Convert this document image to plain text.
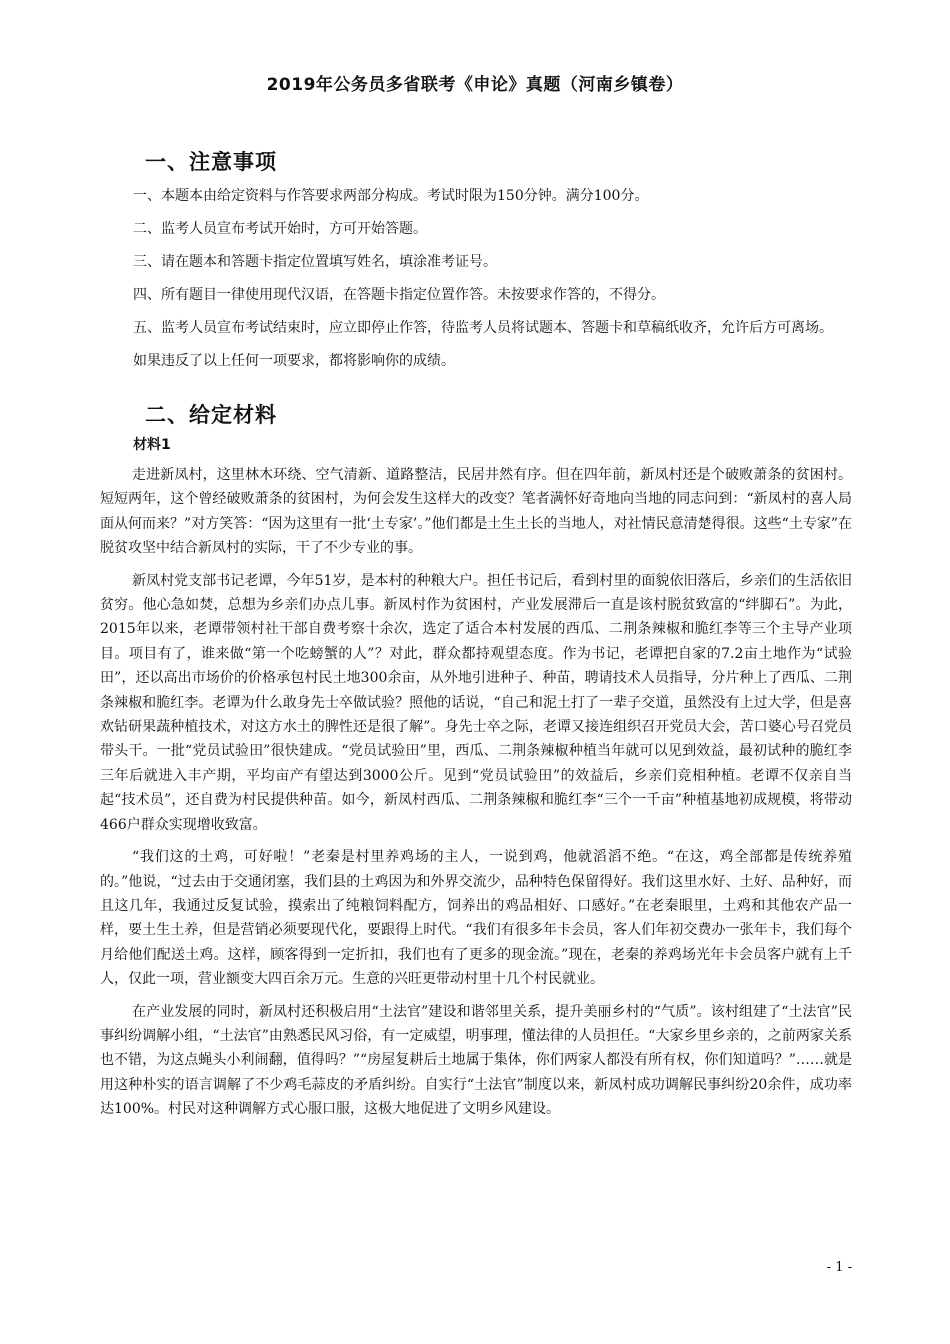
2019年公务员多省联考《申论》真题（河南乡镇卷）
一、注意事项

一、本题本由给定资料与作答要求两部分构成。考试时限为150分钟。满分100分。

二、监考人员宣布考试开始时，方可开始答题。

三、请在题本和答题卡指定位置填写姓名，填涂准考证号。

四、所有题目一律使用现代汉语，在答题卡指定位置作答。未按要求作答的，不得分。

五、监考人员宣布考试结束时，应立即停止作答，待监考人员将试题本、答题卡和草稿纸收齐，允许后方可离场。

如果违反了以上任何一项要求，都将影响你的成绩。

二、给定材料
材料1

走进新凤村，这里林木环绕、空气清新、道路整洁，民居井然有序。但在四年前，新凤村还是个破败萧条的贫困村。短短两年，这个曾经破败萧条的贫困村，为何会发生这样大的改变？笔者满怀好奇地向当地的同志问到：“新凤村的喜人局面从何而来？”对方笑答：“因为这里有一批‘土专家’。”他们都是土生土长的当地人，对社情民意清楚得很。这些“土专家”在脱贫攻坚中结合新凤村的实际，干了不少专业的事。

新凤村党支部书记老谭，今年51岁，是本村的种粮大户。担任书记后，看到村里的面貌依旧落后，乡亲们的生活依旧贫穷。他心急如焚，总想为乡亲们办点儿事。新凤村作为贫困村，产业发展滞后一直是该村脱贫致富的“绊脚石”。为此，2015年以来，老谭带领村社干部自费考察十余次，选定了适合本村发展的西瓜、二荆条辣椒和脆红李等三个主导产业项目。项目有了，谁来做“第一个吃螃蟹的人”？对此，群众都持观望态度。作为书记，老谭把自家的7.2亩土地作为“试验田”，还以高出市场价的价格承包村民土地300余亩，从外地引进种子、种苗，聘请技术人员指导，分片种上了西瓜、二荆条辣椒和脆红李。老谭为什么敢身先士卒做试验？照他的话说，“自己和泥土打了一辈子交道，虽然没有上过大学，但是喜欢钻研果蔬种植技术，对这方水土的脾性还是很了解”。身先士卒之际，老谭又接连组织召开党员大会，苦口婆心号召党员带头干。一批“党员试验田”很快建成。“党员试验田”里，西瓜、二荆条辣椒种植当年就可以见到效益，最初试种的脆红李三年后就进入丰产期，平均亩产有望达到3000公斤。见到“党员试验田”的效益后，乡亲们竞相种植。老谭不仅亲自当起“技术员”，还自费为村民提供种苗。如今，新凤村西瓜、二荆条辣椒和脆红李“三个一千亩”种植基地初成规模，将带动466户群众实现增收致富。

“我们这的土鸡，可好啦！”老秦是村里养鸡场的主人，一说到鸡，他就滔滔不绝。“在这，鸡全部都是传统养殖的。”他说，“过去由于交通闭塞，我们县的土鸡因为和外界交流少，品种特色保留得好。我们这里水好、土好、品种好，而且这几年，我通过反复试验，摸索出了纯粮饲料配方，饲养出的鸡品相好、口感好。”在老秦眼里，土鸡和其他农产品一样，要土生土养，但是营销必须要现代化，要跟得上时代。“我们有很多年卡会员，客人们年初交费办一张年卡，我们每个月给他们配送土鸡。这样，顾客得到一定折扣，我们也有了更多的现金流。”现在，老秦的养鸡场光年卡会员客户就有上千人，仅此一项，营业额变大四百余万元。生意的兴旺更带动村里十几个村民就业。

在产业发展的同时，新凤村还积极启用“土法官”建设和谐邻里关系，提升美丽乡村的“气质”。该村组建了“土法官”民事纠纷调解小组，“土法官”由熟悉民风习俗，有一定威望，明事理，懂法律的人员担任。“大家乡里乡亲的，之前两家关系也不错，为这点蝇头小利闹翻，值得吗？”“房屋复耕后土地属于集体，你们两家人都没有所有权，你们知道吗？”……就是用这种朴实的语言调解了不少鸡毛蒜皮的矛盾纠纷。自实行“土法官”制度以来，新凤村成功调解民事纠纷20余件，成功率达100%。村民对这种调解方式心服口服，这极大地促进了文明乡风建设。

- 1 -
